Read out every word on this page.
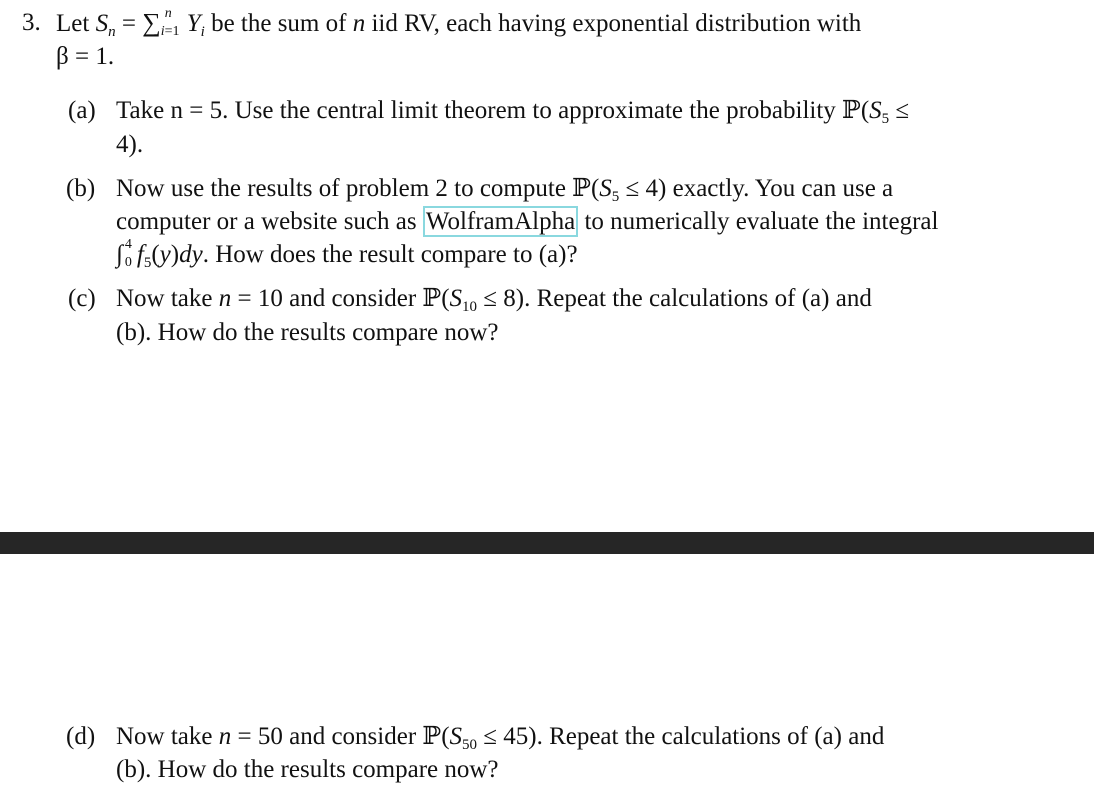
3. Let $S_n$ = ∑ n
i=1 $Y_i$ be the sum of n iid RV, each having exponential distribution with
β = 1.
(a) Take n = 5. Use the central limit theorem to approximate the probability $ℙ(S_5$ ≤
4).
(b) Now use the results of problem 2 to compute $ℙ(S_5 \le 4)$ exactly. You can use a
computer or a website such as WolframAlpha to numerically evaluate the integral
∫ 4
0 $f_5(y)dy$. How does the result compare to (a)?
(c) Now take n = 10 and consider $ℙ(S_{10} \le 8)$. Repeat the calculations of (a) and
(b). How do the results compare now?
(d) Now take n = 50 and consider $ℙ(S_{50} \le 45)$. Repeat the calculations of (a) and
(b). How do the results compare now?
